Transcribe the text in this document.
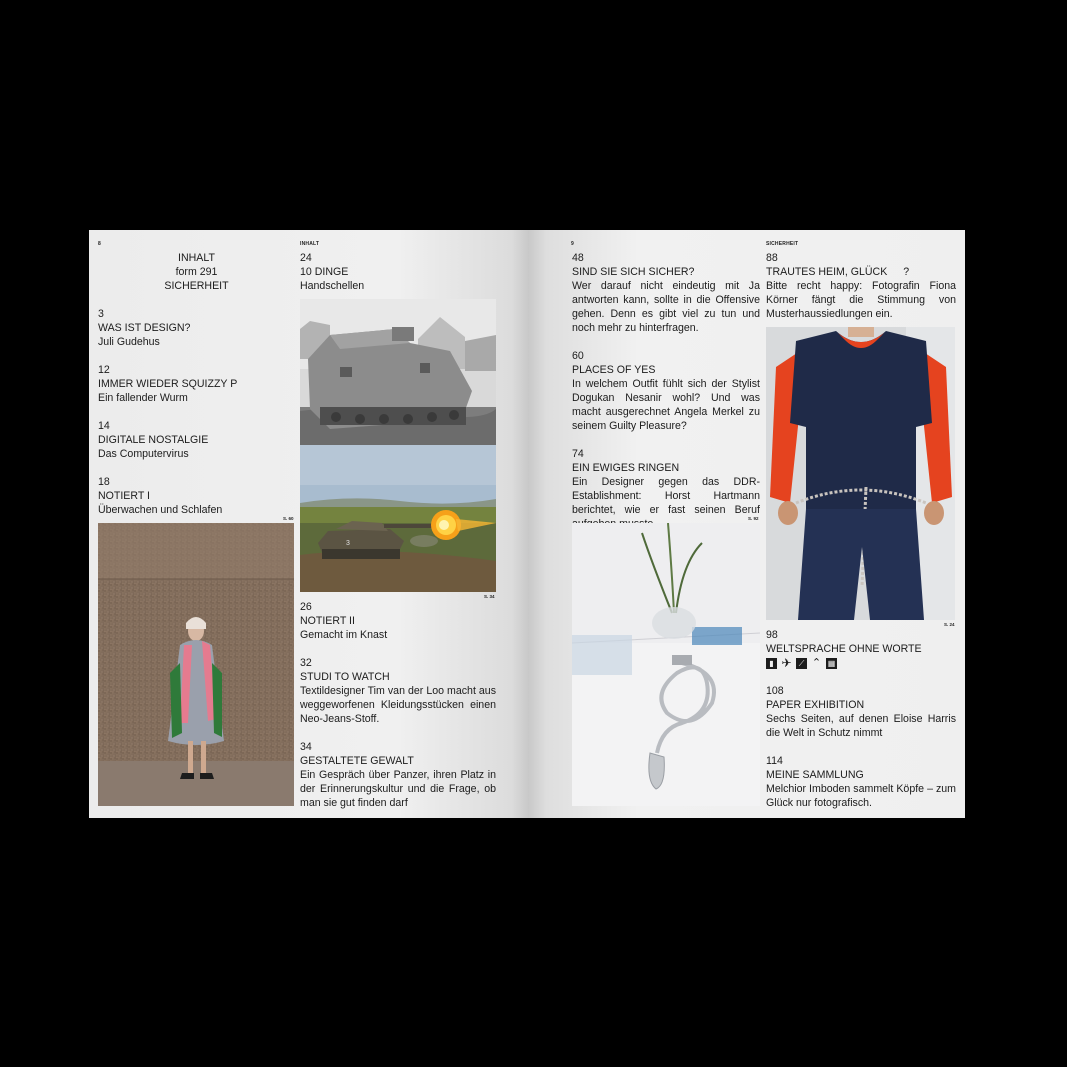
8	INHALT
INHALT
form 291
SICHERHEIT
3
WAS IST DESIGN?
Juli Gudehus
12
IMMER WIEDER SQUIZZY P
Ein fallender Wurm
14
DIGITALE NOSTALGIE
Das Computervirus
18
NOTIERT I
Überwachen und Schlafen
S. 60
24
10 DINGE
Handschellen
3
S. 34
26
NOTIERT II
Gemacht im Knast
32
STUDI TO WATCH
Textildesigner Tim van der Loo macht aus weggeworfenen Kleidungsstücken einen Neo-Jeans-Stoff.
34
GESTALTETE GEWALT
Ein Gespräch über Panzer, ihren Platz in der Erinnerungskultur und die Frage, ob man sie gut finden darf
9	SICHERHEIT
48
SIND SIE SICH SICHER?
Wer darauf nicht eindeutig mit Ja antworten kann, sollte in die Offensive gehen. Denn es gibt viel zu tun und noch mehr zu hinterfragen.
60
PLACES OF YES
In welchem Outfit fühlt sich der Stylist Dogukan Nesanir wohl? Und was macht ausgerechnet Angela Merkel zu seinem Guilty Pleasure?
74
EIN EWIGES RINGEN
Ein Designer gegen das DDR-Establishment: Horst Hartmann berichtet, wie er fast seinen Beruf
S. 92
88
TRAUTES HEIM, GLÜCK ?
Bitte recht happy: Fotografin Fiona Körner fängt die Stimmung von Musterhaussiedlungen ein.
S. 24
98
WELTSPRACHE OHNE WORTE
▮ ✈ ⟋ ⌃ ▦
108
PAPER EXHIBITION
Sechs Seiten, auf denen Eloise Harris die Welt in Schutz nimmt
114
MEINE SAMMLUNG
Melchior Imboden sammelt Köpfe – zum Glück nur fotografisch.
